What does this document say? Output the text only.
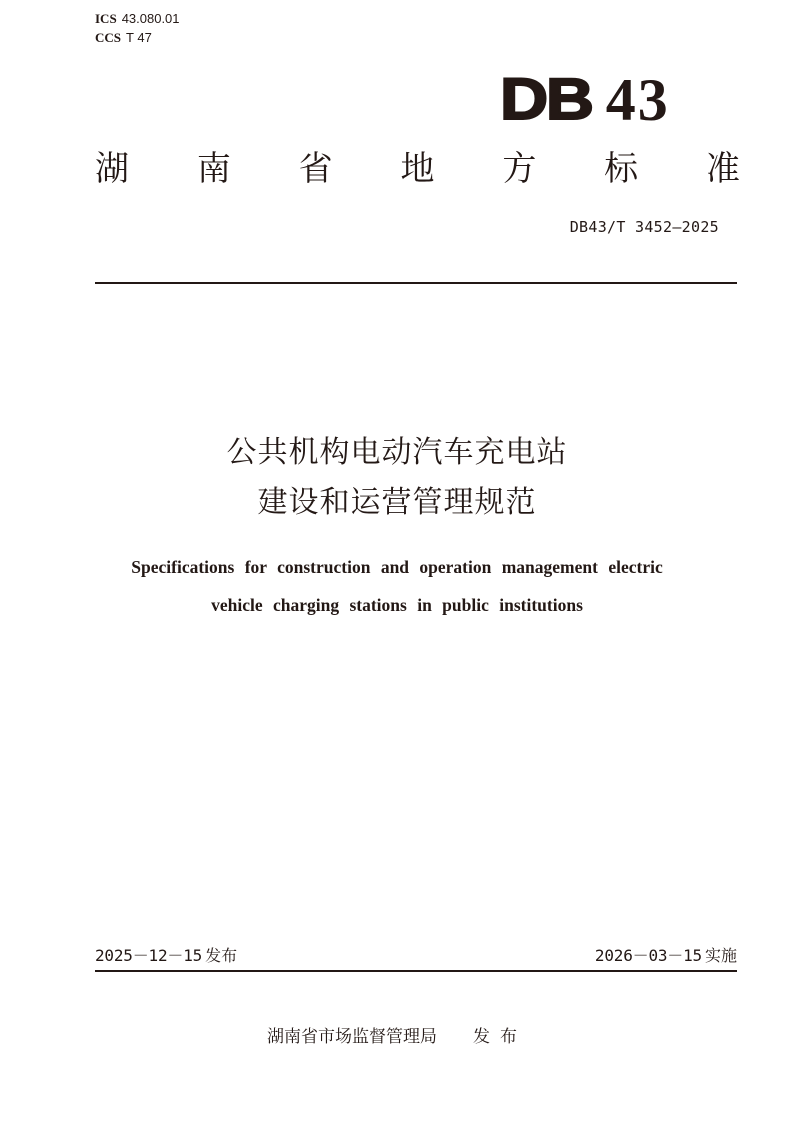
ICS 43.080.01
CCS T 47
DB 43
湖 南 省 地 方 标 准
DB43/T 3452—2025
公共机构电动汽车充电站
建设和运营管理规范
Specifications for construction and operation management electric
vehicle charging stations in public institutions
2025－12－15 发布	2026－03－15 实施
湖南省市场监督管理局 发布
